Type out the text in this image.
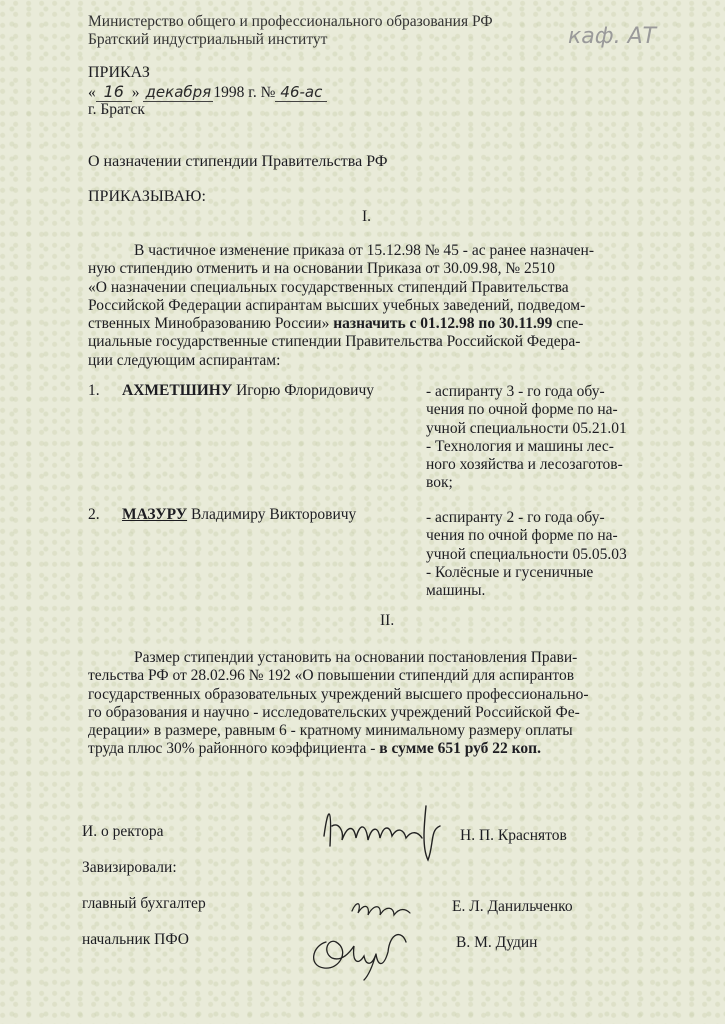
Министерство общего и профессионального образования РФ
Братский индустриальный институт	каф. АТ
ПРИКАЗ
« 16 » декабря 1998 г. № 46-ас
г. Братск
О назначении стипендии Правительства РФ
ПРИКАЗЫВАЮ:
I.
В частичное изменение приказа от 15.12.98 № 45 - ас ранее назначен-
ную стипендию отменить и на основании Приказа от 30.09.98, № 2510
«О назначении специальных государственных стипендий Правительства
Российской Федерации аспирантам высших учебных заведений, подведом-
ственных Минобразованию России» назначить с 01.12.98 по 30.11.99 спе-
циальные государственные стипендии Правительства Российской Федера-
ции следующим аспирантам:
1. АХМЕТШИНУ Игорю Флоридовичу	- аспиранту 3 - го года обу-
чения по очной форме по на-
учной специальности 05.21.01
- Технология и машины лес-
ного хозяйства и лесозаготов-
вок;
2. МАЗУРУ Владимиру Викторовичу	- аспиранту 2 - го года обу-
чения по очной форме по на-
учной специальности 05.05.03
- Колёсные и гусеничные
машины.
II.
Размер стипендии установить на основании постановления Прави-
тельства РФ от 28.02.96 № 192 «О повышении стипендий для аспирантов
государственных образовательных учреждений высшего профессионально-
го образования и научно - исследовательских учреждений Российской Фе-
дерации» в размере, равным 6 - кратному минимальному размеру оплаты
труда плюс 30% районного коэффициента - в сумме 651 руб 22 коп.
И. о ректора	Н. П. Краснятов
Завизировали:
главный бухгалтер	Е. Л. Данильченко
начальник ПФО	В. М. Дудин
